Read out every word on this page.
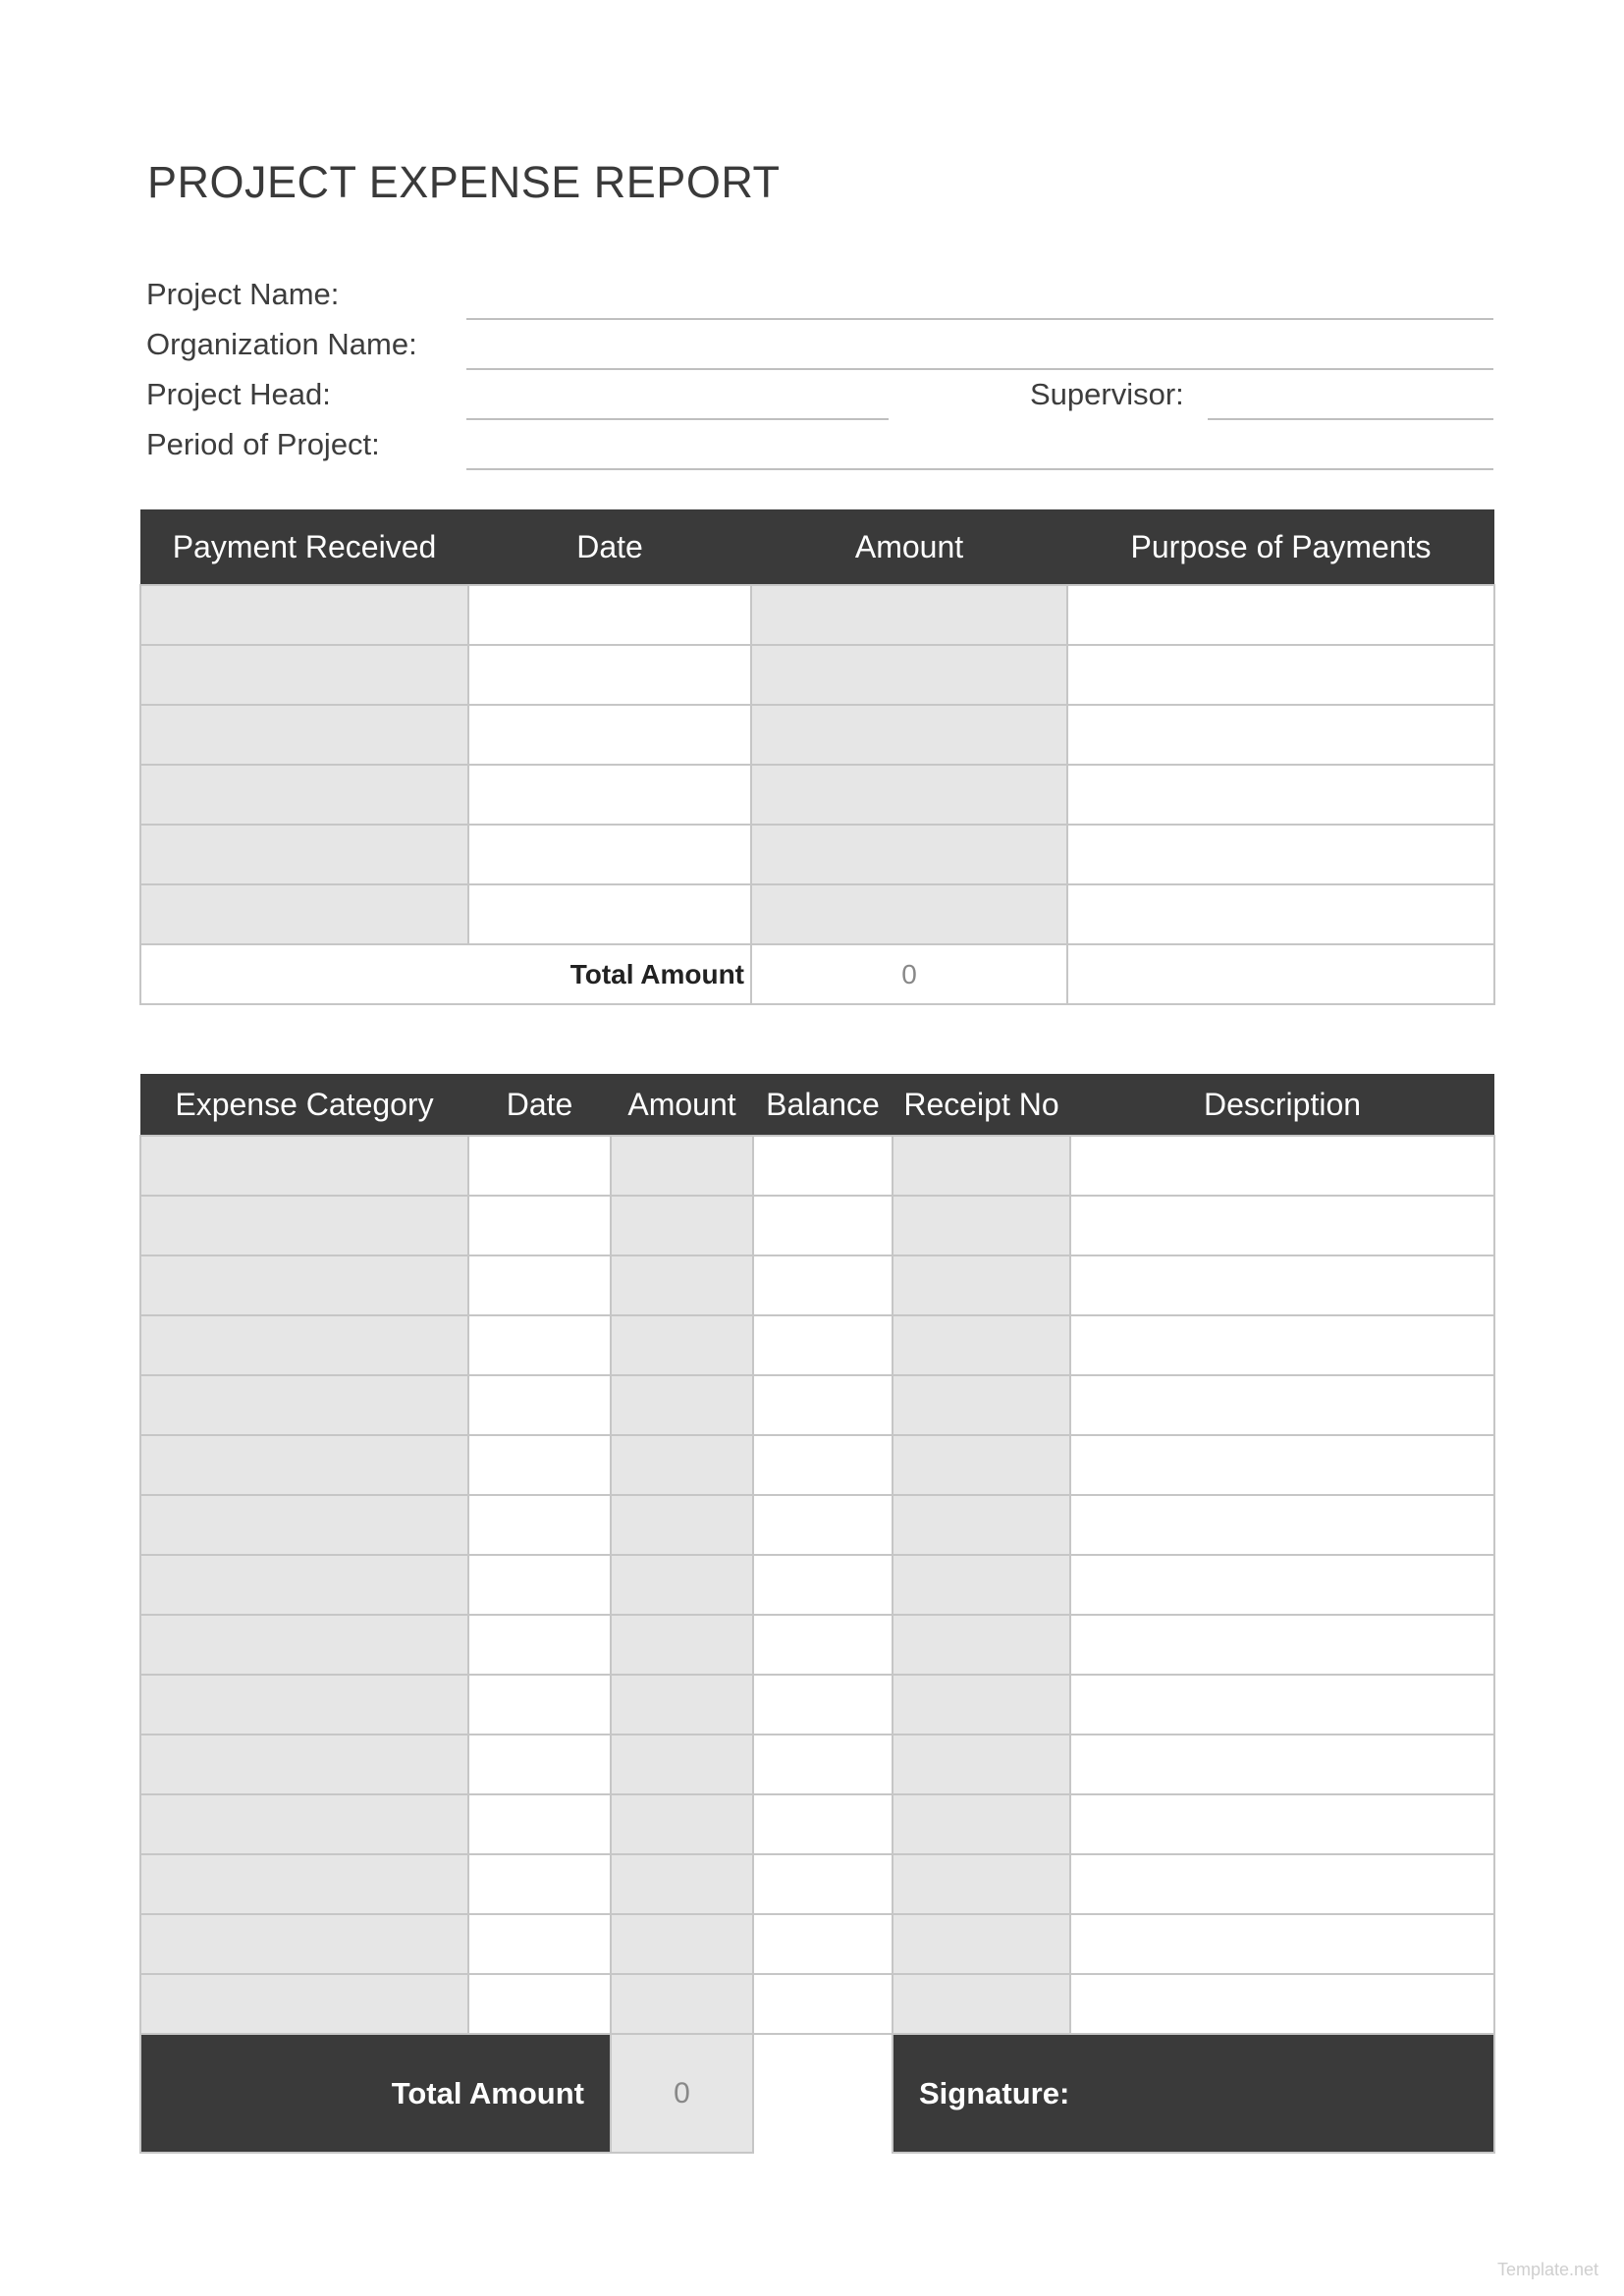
PROJECT EXPENSE REPORT
Project Name:
Organization Name:
Project Head:	Supervisor:
Period of Project:
Payment Received	Date	Amount	Purpose of Payments

Total Amount		0	
Expense Category	Date	Amount	Balance	Receipt No	Description

Total Amount		0		Signature:	
Template.net
